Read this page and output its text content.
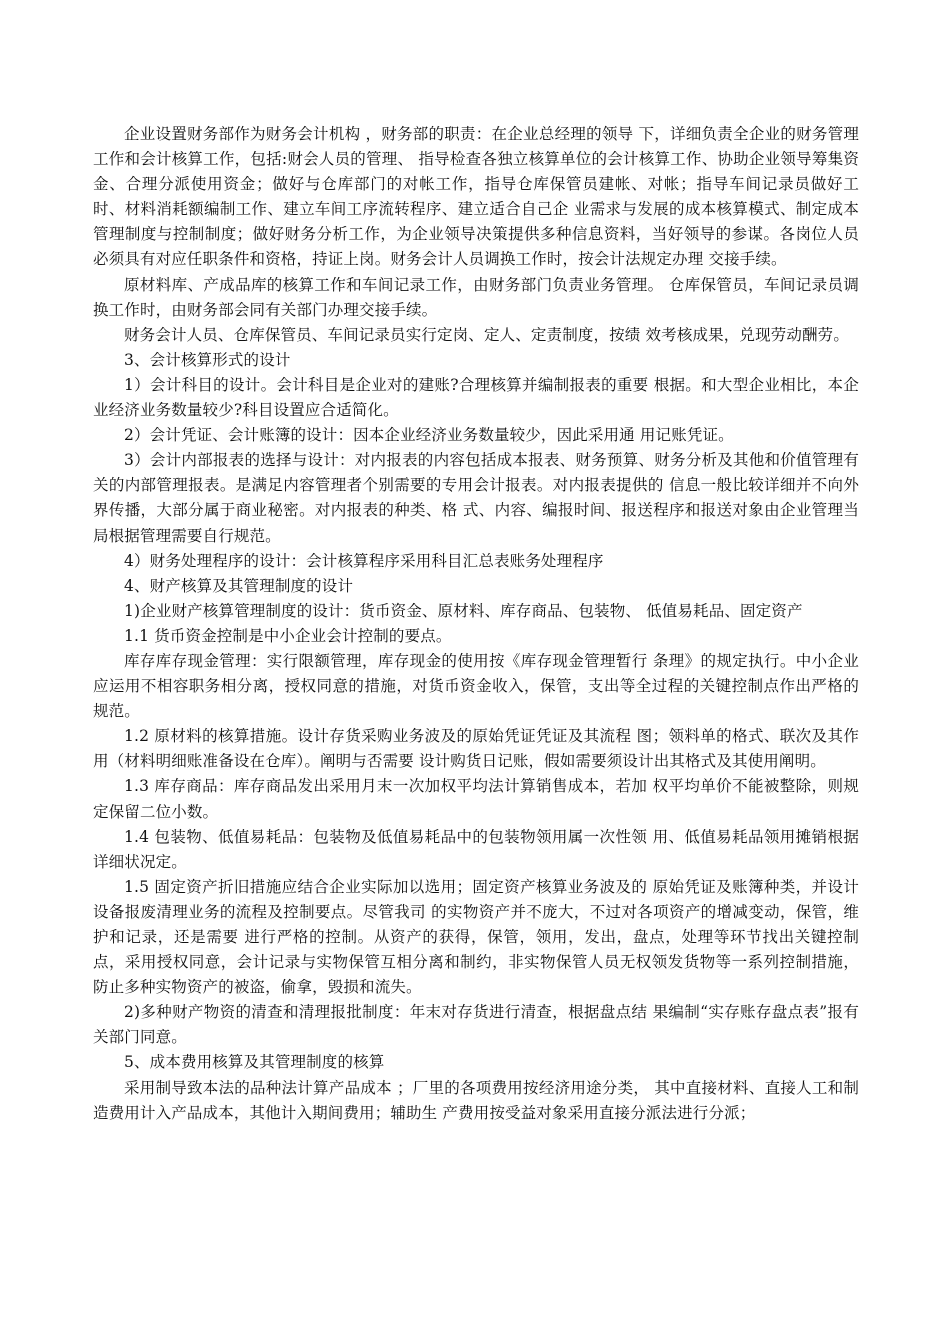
企业设置财务部作为财务会计机构 ，财务部的职责：在企业总经理的领导 下，详细负责全企业的财务管理工作和会计核算工作，包括:财会人员的管理、 指导检查各独立核算单位的会计核算工作、协助企业领导筹集资金、合理分派使用资金；做好与仓库部门的对帐工作，指导仓库保管员建帐、对帐；指导车间记录员做好工时、材料消耗额编制工作、建立车间工序流转程序、建立适合自己企 业需求与发展的成本核算模式、制定成本管理制度与控制制度；做好财务分析工作，为企业领导决策提供多种信息资料，当好领导的参谋。各岗位人员必须具有对应任职条件和资格，持证上岗。财务会计人员调换工作时，按会计法规定办理 交接手续。

原材料库、产成品库的核算工作和车间记录工作，由财务部门负责业务管理。 仓库保管员，车间记录员调换工作时，由财务部会同有关部门办理交接手续。

财务会计人员、仓库保管员、车间记录员实行定岗、定人、定责制度，按绩 效考核成果，兑现劳动酬劳。

3、会计核算形式的设计

1）会计科目的设计。会计科目是企业对的建账?合理核算并编制报表的重要 根据。和大型企业相比，本企业经济业务数量较少?科目设置应合适简化。

2）会计凭证、会计账簿的设计：因本企业经济业务数量较少，因此采用通 用记账凭证。

3）会计内部报表的选择与设计：对内报表的内容包括成本报表、财务预算、财务分析及其他和价值管理有关的内部管理报表。是满足内容管理者个别需要的专用会计报表。对内报表提供的 信息一般比较详细并不向外界传播，大部分属于商业秘密。对内报表的种类、格 式、内容、编报时间、报送程序和报送对象由企业管理当局根据管理需要自行规范。

4）财务处理程序的设计：会计核算程序采用科目汇总表账务处理程序

4、财产核算及其管理制度的设计

1)企业财产核算管理制度的设计：货币资金、原材料、库存商品、包装物、 低值易耗品、固定资产

1.1 货币资金控制是中小企业会计控制的要点。

库存库存现金管理：实行限额管理，库存现金的使用按《库存现金管理暂行 条理》的规定执行。中小企业应运用不相容职务相分离，授权同意的措施，对货币资金收入，保管，支出等全过程的关键控制点作出严格的规范。

1.2 原材料的核算措施。设计存货采购业务波及的原始凭证凭证及其流程 图；领料单的格式、联次及其作用（材料明细账准备设在仓库）。阐明与否需要 设计购货日记账，假如需要须设计出其格式及其使用阐明。

1.3 库存商品：库存商品发出采用月末一次加权平均法计算销售成本，若加 权平均单价不能被整除，则规定保留二位小数。

1.4 包装物、低值易耗品：包装物及低值易耗品中的包装物领用属一次性领 用、低值易耗品领用摊销根据详细状况定。

1.5 固定资产折旧措施应结合企业实际加以选用；固定资产核算业务波及的 原始凭证及账簿种类，并设计设备报废清理业务的流程及控制要点。尽管我司 的实物资产并不庞大，不过对各项资产的增减变动，保管，维护和记录，还是需要 进行严格的控制。从资产的获得，保管，领用，发出，盘点，处理等环节找出关键控制点，采用授权同意，会计记录与实物保管互相分离和制约，非实物保管人员无权领发货物等一系列控制措施，防止多种实物资产的被盗，偷拿，毁损和流失。

2)多种财产物资的清查和清理报批制度：年末对存货进行清查，根据盘点结 果编制“实存账存盘点表”报有关部门同意。

5、成本费用核算及其管理制度的核算

采用制导致本法的品种法计算产品成本 ；厂里的各项费用按经济用途分类， 其中直接材料、直接人工和制造费用计入产品成本，其他计入期间费用；辅助生 产费用按受益对象采用直接分派法进行分派；
